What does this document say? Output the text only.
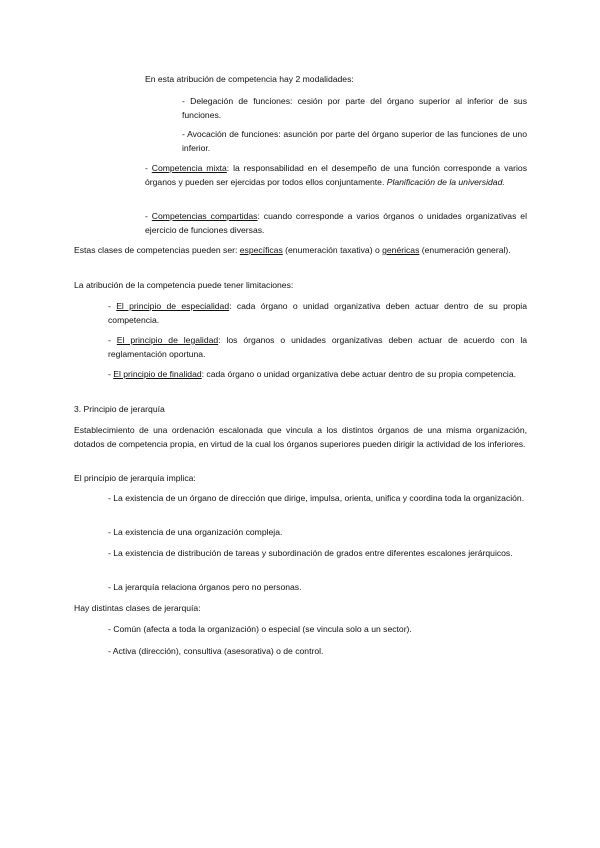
En esta atribución de competencia hay 2 modalidades:

- Delegación de funciones: cesión por parte del órgano superior al inferior de sus funciones.

- Avocación de funciones: asunción por parte del órgano superior de las funciones de uno inferior.

- Competencia mixta: la responsabilidad en el desempeño de una función corresponde a varios órganos y pueden ser ejercidas por todos ellos conjuntamente. Planificación de la universidad.

- Competencias compartidas: cuando corresponde a varios órganos o unidades organizativas el ejercicio de funciones diversas.

Estas clases de competencias pueden ser: específicas (enumeración taxativa) o genéricas (enumeración general).

La atribución de la competencia puede tener limitaciones:

- El principio de especialidad: cada órgano o unidad organizativa deben actuar dentro de su propia competencia.

- El principio de legalidad: los órganos o unidades organizativas deben actuar de acuerdo con la reglamentación oportuna.

- El principio de finalidad: cada órgano o unidad organizativa debe actuar dentro de su propia competencia.

3. Principio de jerarquía

Establecimiento de una ordenación escalonada que vincula a los distintos órganos de una misma organización, dotados de competencia propia, en virtud de la cual los órganos superiores pueden dirigir la actividad de los inferiores.

El principio de jerarquía implica:

- La existencia de un órgano de dirección que dirige, impulsa, orienta, unifica y coordina toda la organización.

- La existencia de una organización compleja.

- La existencia de distribución de tareas y subordinación de grados entre diferentes escalones jerárquicos.

- La jerarquía relaciona órganos pero no personas.

Hay distintas clases de jerarquía:

- Común (afecta a toda la organización) o especial (se vincula solo a un sector).

- Activa (dirección), consultiva (asesorativa) o de control.
